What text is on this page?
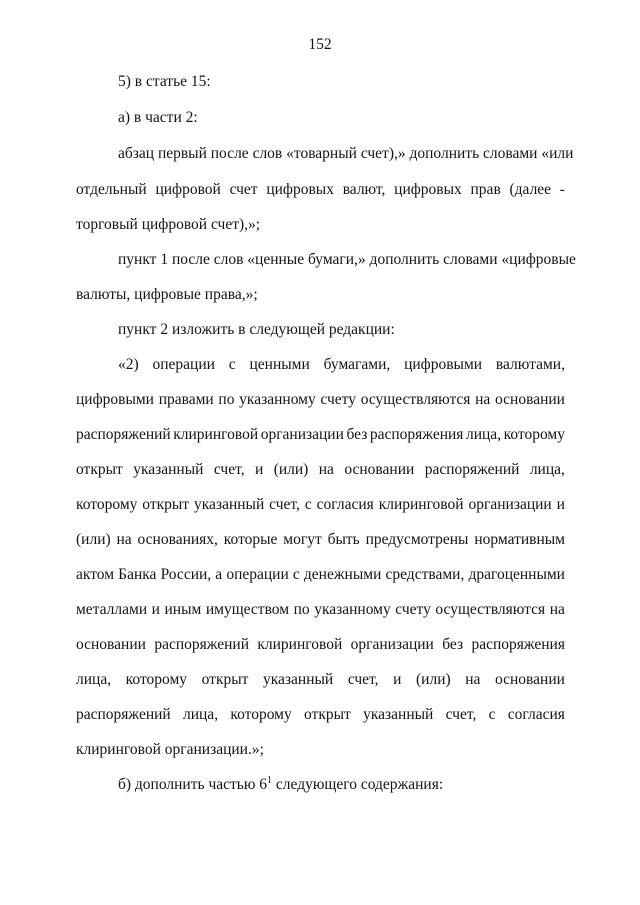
152
5) в статье 15:
а) в части 2:
абзац первый после слов «товарный счет),» дополнить словами «или
отдельный цифровой счет цифровых валют, цифровых прав (далее -
торговый цифровой счет),»;
пункт 1 после слов «ценные бумаги,» дополнить словами «цифровые
валюты, цифровые права,»;
пункт 2 изложить в следующей редакции:
«2) операции с ценными бумагами, цифровыми валютами,
цифровыми правами по указанному счету осуществляются на основании
распоряжений клиринговой организации без распоряжения лица, которому
открыт указанный счет, и (или) на основании распоряжений лица,
которому открыт указанный счет, с согласия клиринговой организации и
(или) на основаниях, которые могут быть предусмотрены нормативным
актом Банка России, а операции с денежными средствами, драгоценными
металлами и иным имуществом по указанному счету осуществляются на
основании распоряжений клиринговой организации без распоряжения
лица, которому открыт указанный счет, и (или) на основании
распоряжений лица, которому открыт указанный счет, с согласия
клиринговой организации.»;
б) дополнить частью $6^1$ следующего содержания:
